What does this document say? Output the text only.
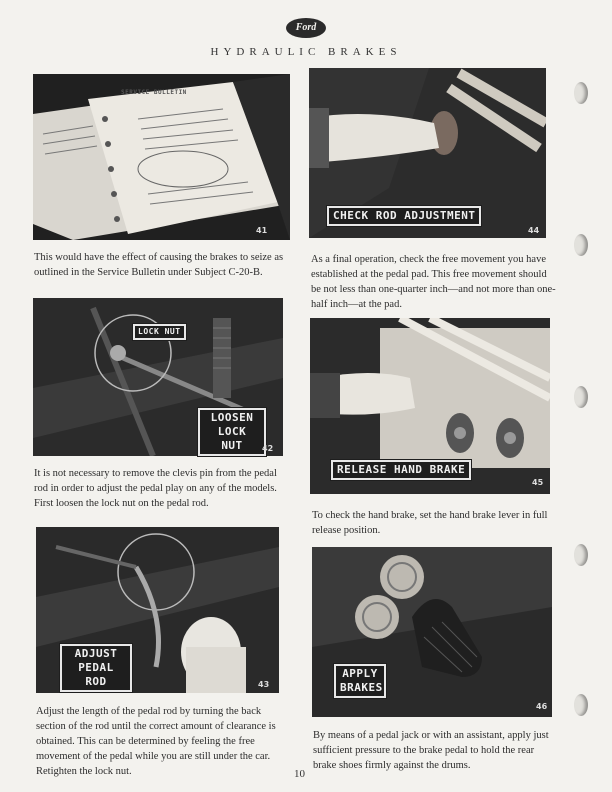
Ford
HYDRAULIC BRAKES
SERVICE BULLETIN
41
This would have the effect of causing the brakes to seize as outlined in the Service Bulletin under Subject C-20-B.
LOCK NUT
LOOSEN LOCK NUT	42
It is not necessary to remove the clevis pin from the pedal rod in order to adjust the pedal play on any of the models. First loosen the lock nut on the pedal rod.
ADJUST PEDAL ROD	43
Adjust the length of the pedal rod by turning the back section of the rod until the correct amount of clearance is obtained. This can be determined by feeling the free movement of the pedal while you are still under the car. Retighten the lock nut.
CHECK ROD ADJUSTMENT
44
As a final operation, check the free movement you have established at the pedal pad. This free movement should be not less than one-quarter inch—and not more than one-half inch—at the pad.
RELEASE HAND BRAKE
45
To check the hand brake, set the hand brake lever in full release position.
APPLY BRAKES
46
By means of a pedal jack or with an assistant, apply just sufficient pressure to the brake pedal to hold the rear brake shoes firmly against the drums.
10
